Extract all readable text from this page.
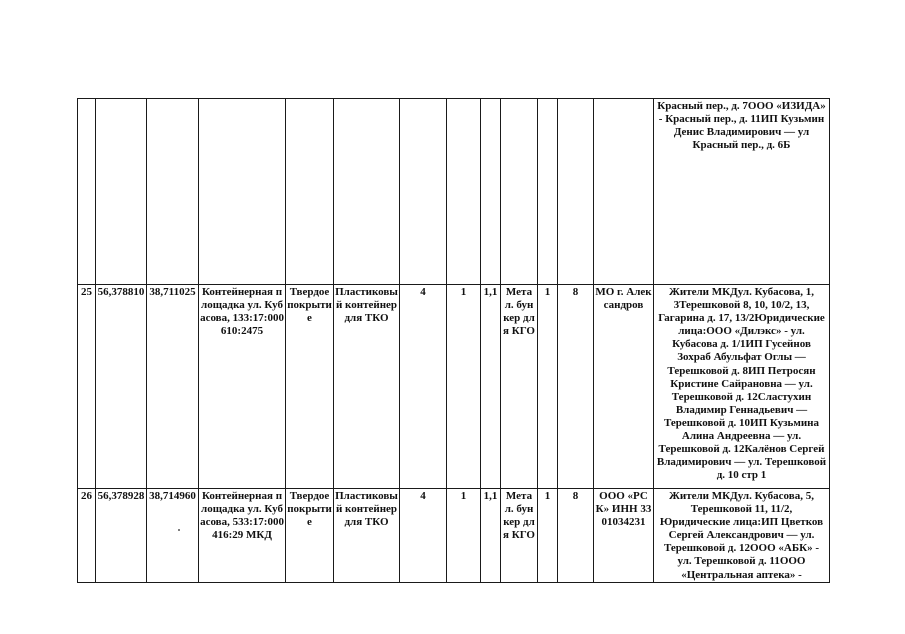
													Красный пер., д. 7ООО «ИЗИДА» - Красный пер., д. 11ИП Кузьмин Денис Владимирович — ул Красный пер., д. 6Б
25	56,378810	38,711025	Контейнерная площадка ул. Кубасова, 133:17:000610:2475	Твердое покрытие	Пластиковый контейнер для ТКО	4	1	1,1	Метал. бункер для КГО	1	8	МО г. Александров	Жители МКДул. Кубасова, 1, 3Терешковой 8, 10, 10/2, 13, Гагарина д. 17, 13/2Юридические лица:ООО «Дилэкс» - ул. Кубасова д. 1/1ИП Гусейнов Зохраб Абульфат Оглы — Терешковой д. 8ИП Петросян Кристине Сайрановна — ул. Терешковой д. 12Сластухин Владимир Геннадьевич — Терешковой д. 10ИП Кузьмина Алина Андреевна — ул. Терешковой д. 12Калёнов Сергей Владимирович — ул. Терешковой д. 10 стр 1
26	56,378928	38,714960	Контейнерная площадка ул. Кубасова, 533:17:000416:29 МКД	Твердое покрытие	Пластиковый контейнер для ТКО	4	1	1,1	Метал. бункер для КГО	1	8	ООО «РСК» ИНН 3301034231	Жители МКДул. Кубасова, 5, Терешковой 11, 11/2, Юридические лица:ИП Цветков Сергей Александрович — ул. Терешковой д. 12ООО «АБК» - ул. Терешковой д. 11ООО «Центральная аптека» -
